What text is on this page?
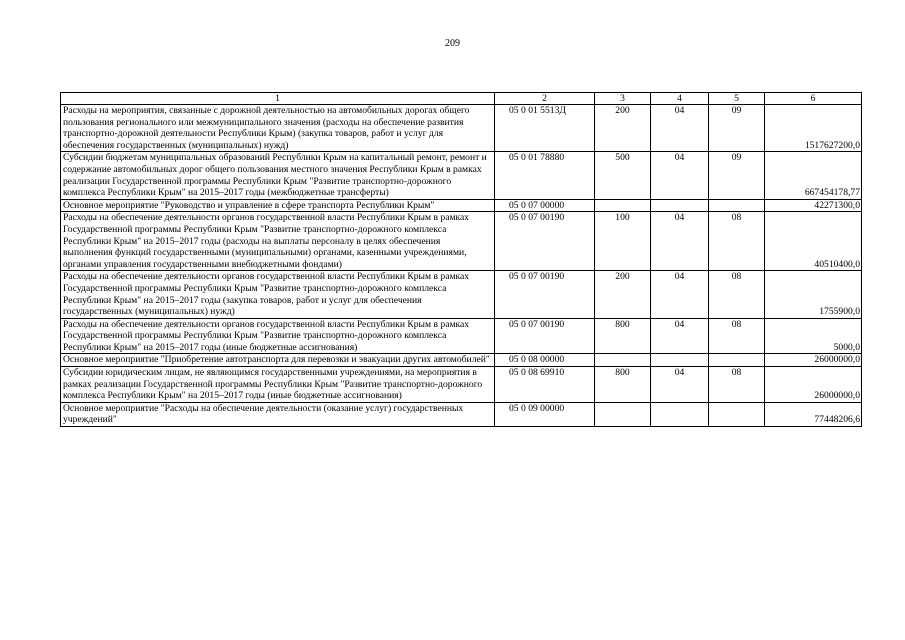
209
1	2	3	4	5	6
Расходы на мероприятия, связанные с дорожной деятельностью на автомобильных дорогах общего пользования регионального или межмуниципального значения (расходы на обеспечение развития транспортно-дорожной деятельности Республики Крым) (закупка товаров, работ и услуг для обеспечения государственных (муниципальных) нужд)	05 0 01 5513Д	200	04	09	1517627200,0
Субсидии бюджетам муниципальных образований Республики Крым на капитальный ремонт, ремонт и содержание автомобильных дорог общего пользования местного значения Республики Крым в рамках реализации Государственной программы Республики Крым "Развитие транспортно-дорожного комплекса Республики Крым" на 2015–2017 годы (межбюджетные трансферты)	05 0 01 78880	500	04	09	667454178,77
Основное мероприятие "Руководство и управление в сфере транспорта Республики Крым"	05 0 07 00000				42271300,0
Расходы на обеспечение деятельности органов государственной власти Республики Крым в рамках Государственной программы Республики Крым "Развитие транспортно-дорожного комплекса Республики Крым" на 2015–2017 годы (расходы на выплаты персоналу в целях обеспечения выполнения функций государственными (муниципальными) органами, казенными учреждениями, органами управления государственными внебюджетными фондами)	05 0 07 00190	100	04	08	40510400,0
Расходы на обеспечение деятельности органов государственной власти Республики Крым в рамках Государственной программы Республики Крым "Развитие транспортно-дорожного комплекса Республики Крым" на 2015–2017 годы (закупка товаров, работ и услуг для обеспечения государственных (муниципальных) нужд)	05 0 07 00190	200	04	08	1755900,0
Расходы на обеспечение деятельности органов государственной власти Республики Крым в рамках Государственной программы Республики Крым "Развитие транспортно-дорожного комплекса Республики Крым" на 2015–2017 годы (иные бюджетные ассигнования)	05 0 07 00190	800	04	08	5000,0
Основное мероприятие "Приобретение автотранспорта для перевозки и эвакуации других автомобилей"	05 0 08 00000				26000000,0
Субсидии юридическим лицам, не являющимся государственными учреждениями, на мероприятия в рамках реализации Государственной программы Республики Крым "Развитие транспортно-дорожного комплекса Республики Крым" на 2015–2017 годы (иные бюджетные ассигнования)	05 0 08 69910	800	04	08	26000000,0
Основное мероприятие "Расходы на обеспечение деятельности (оказание услуг) государственных учреждений"	05 0 09 00000				77448206,6
